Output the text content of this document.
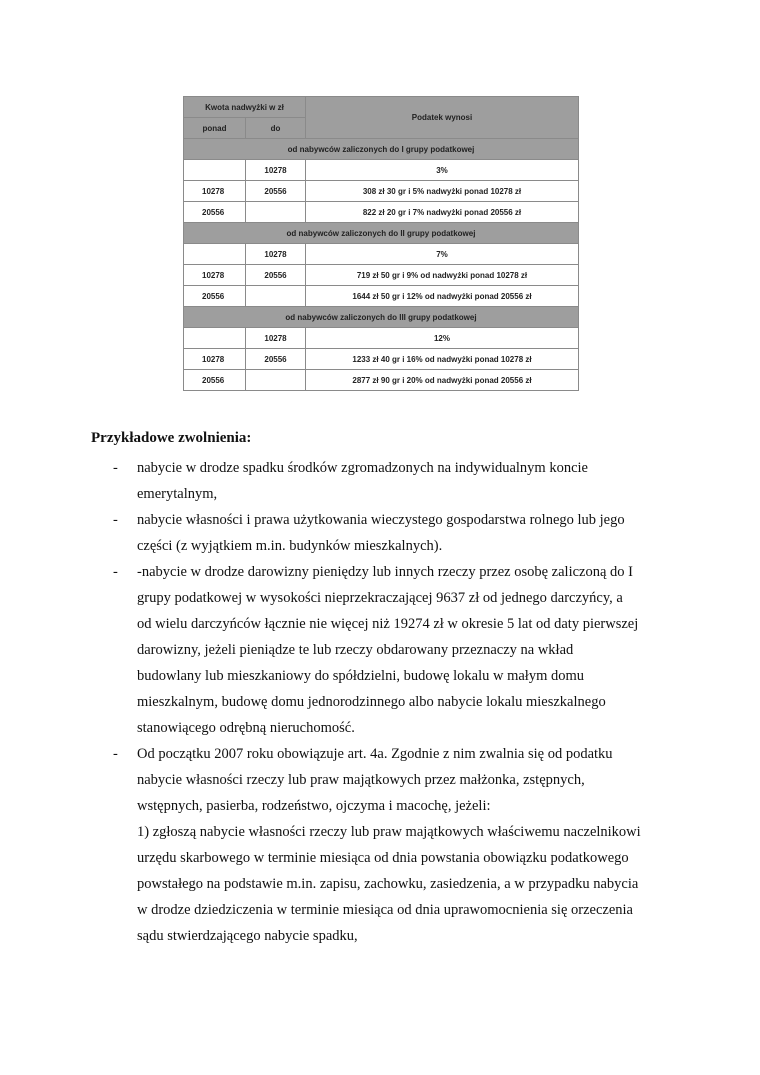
Kwota nadwyżki w zł		Podatek wynosi
ponad	do	
od nabywców zaliczonych do I grupy podatkowej		
	10278	3%
10278	20556	308 zł 30 gr i 5% nadwyżki ponad 10278 zł
20556		822 zł 20 gr i 7% nadwyżki ponad 20556 zł
od nabywców zaliczonych do II grupy podatkowej		
	10278	7%
10278	20556	719 zł 50 gr i 9% od nadwyżki ponad 10278 zł
20556		1644 zł 50 gr i 12% od nadwyżki ponad 20556 zł
od nabywców zaliczonych do III grupy podatkowej		
	10278	12%
10278	20556	1233 zł 40 gr i 16% od nadwyżki ponad 10278 zł
20556		2877 zł 90 gr i 20% od nadwyżki ponad 20556 zł
Przykładowe zwolnienia:
- nabycie w drodze spadku środków zgromadzonych na indywidualnym koncie
emerytalnym,
- nabycie własności i prawa użytkowania wieczystego gospodarstwa rolnego lub jego
części (z wyjątkiem m.in. budynków mieszkalnych).
- -nabycie w drodze darowizny pieniędzy lub innych rzeczy przez osobę zaliczoną do I
grupy podatkowej w wysokości nieprzekraczającej 9637 zł od jednego darczyńcy, a
od wielu darczyńców łącznie nie więcej niż 19274 zł w okresie 5 lat od daty pierwszej
darowizny, jeżeli pieniądze te lub rzeczy obdarowany przeznaczy na wkład
budowlany lub mieszkaniowy do spółdzielni, budowę lokalu w małym domu
mieszkalnym, budowę domu jednorodzinnego albo nabycie lokalu mieszkalnego
stanowiącego odrębną nieruchomość.
- Od początku 2007 roku obowiązuje art. 4a. Zgodnie z nim zwalnia się od podatku
nabycie własności rzeczy lub praw majątkowych przez małżonka, zstępnych,
wstępnych, pasierba, rodzeństwo, ojczyma i macochę, jeżeli:
1) zgłoszą nabycie własności rzeczy lub praw majątkowych właściwemu naczelnikowi
urzędu skarbowego w terminie miesiąca od dnia powstania obowiązku podatkowego
powstałego na podstawie m.in. zapisu, zachowku, zasiedzenia, a w przypadku nabycia
w drodze dziedziczenia w terminie miesiąca od dnia uprawomocnienia się orzeczenia
sądu stwierdzającego nabycie spadku,
